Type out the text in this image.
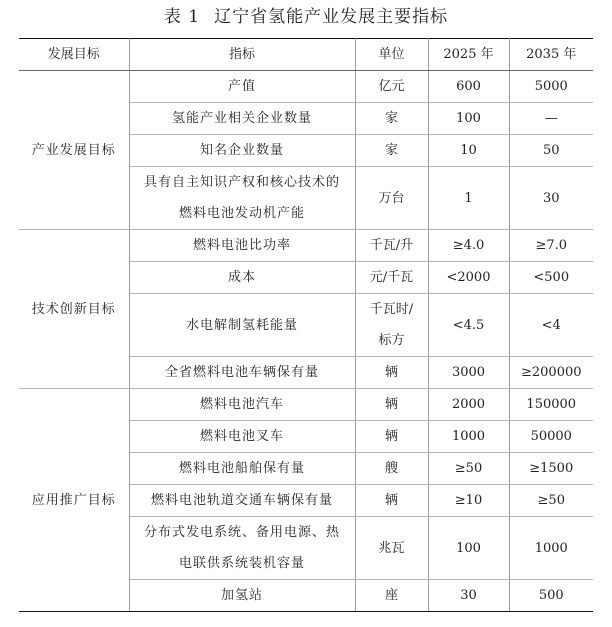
表 1 辽宁省氢能产业发展主要指标
发展目标	指标	单位	2025 年	2035 年
产业发展目标	产值	亿元	600	5000
	氢能产业相关企业数量	家	100	—
	知名企业数量	家	10	50
	具有自主知识产权和核心技术的
燃料电池发动机产能	万台	1	30
技术创新目标	燃料电池比功率	千瓦/升	≥4.0	≥7.0
	成本	元/千瓦	<2000	<500
	水电解制氢耗能量	千瓦时/
标方	<4.5	<4
	全省燃料电池车辆保有量	辆	3000	≥200000
应用推广目标	燃料电池汽车	辆	2000	150000
	燃料电池叉车	辆	1000	50000
	燃料电池船舶保有量	艘	≥50	≥1500
	燃料电池轨道交通车辆保有量	辆	≥10	≥50
	分布式发电系统、备用电源、热
电联供系统装机容量	兆瓦	100	1000
	加氢站	座	30	500
